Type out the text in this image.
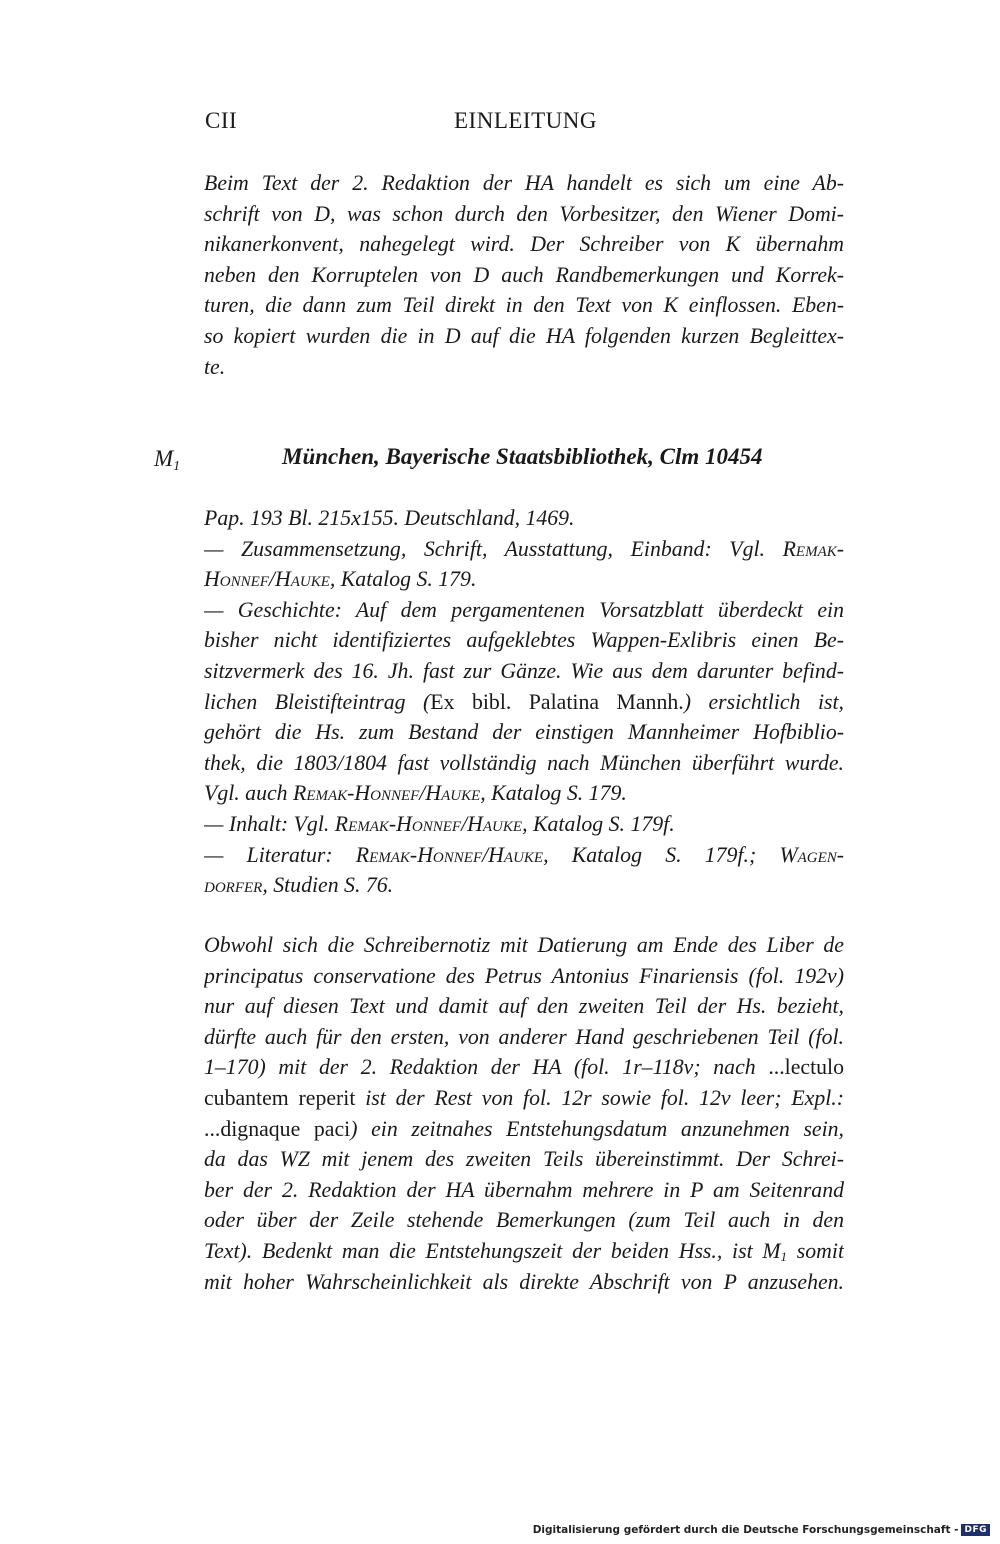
CII	EINLEITUNG
Beim Text der 2. Redaktion der HA handelt es sich um eine Ab-
schrift von D, was schon durch den Vorbesitzer, den Wiener Domi-
nikanerkonvent, nahegelegt wird. Der Schreiber von K übernahm
neben den Korruptelen von D auch Randbemerkungen und Korrek-
turen, die dann zum Teil direkt in den Text von K einflossen. Eben-
so kopiert wurden die in D auf die HA folgenden kurzen Begleittex-
te.
$M_1$	München, Bayerische Staatsbibliothek, Clm 10454
Pap. 193 Bl. 215x155. Deutschland, 1469.
— Zusammensetzung, Schrift, Ausstattung, Einband: Vgl. Remak-
Honnef/Hauke, Katalog S. 179.
— Geschichte: Auf dem pergamentenen Vorsatzblatt überdeckt ein
bisher nicht identifiziertes aufgeklebtes Wappen-Exlibris einen Be-
sitzvermerk des 16. Jh. fast zur Gänze. Wie aus dem darunter befind-
lichen Bleistifteintrag (Ex bibl. Palatina Mannh.) ersichtlich ist,
gehört die Hs. zum Bestand der einstigen Mannheimer Hofbiblio-
thek, die 1803/1804 fast vollständig nach München überführt wurde.
Vgl. auch Remak-Honnef/Hauke, Katalog S. 179.
— Inhalt: Vgl. Remak-Honnef/Hauke, Katalog S. 179f.
— Literatur: Remak-Honnef/Hauke, Katalog S. 179f.; Wagen-
dorfer, Studien S. 76.
Obwohl sich die Schreibernotiz mit Datierung am Ende des Liber de
principatus conservatione des Petrus Antonius Finariensis (fol. 192v)
nur auf diesen Text und damit auf den zweiten Teil der Hs. bezieht,
dürfte auch für den ersten, von anderer Hand geschriebenen Teil (fol.
1–170) mit der 2. Redaktion der HA (fol. 1r–118v; nach ...lectulo
cubantem reperit ist der Rest von fol. 12r sowie fol. 12v leer; Expl.:
...dignaque paci) ein zeitnahes Entstehungsdatum anzunehmen sein,
da das WZ mit jenem des zweiten Teils übereinstimmt. Der Schrei-
ber der 2. Redaktion der HA übernahm mehrere in P am Seitenrand
oder über der Zeile stehende Bemerkungen (zum Teil auch in den
Text). Bedenkt man die Entstehungszeit der beiden Hss., ist $M_1$ somit
mit hoher Wahrscheinlichkeit als direkte Abschrift von P anzusehen.
Digitalisierung gefördert durch die Deutsche Forschungsgemeinschaft - DFG
